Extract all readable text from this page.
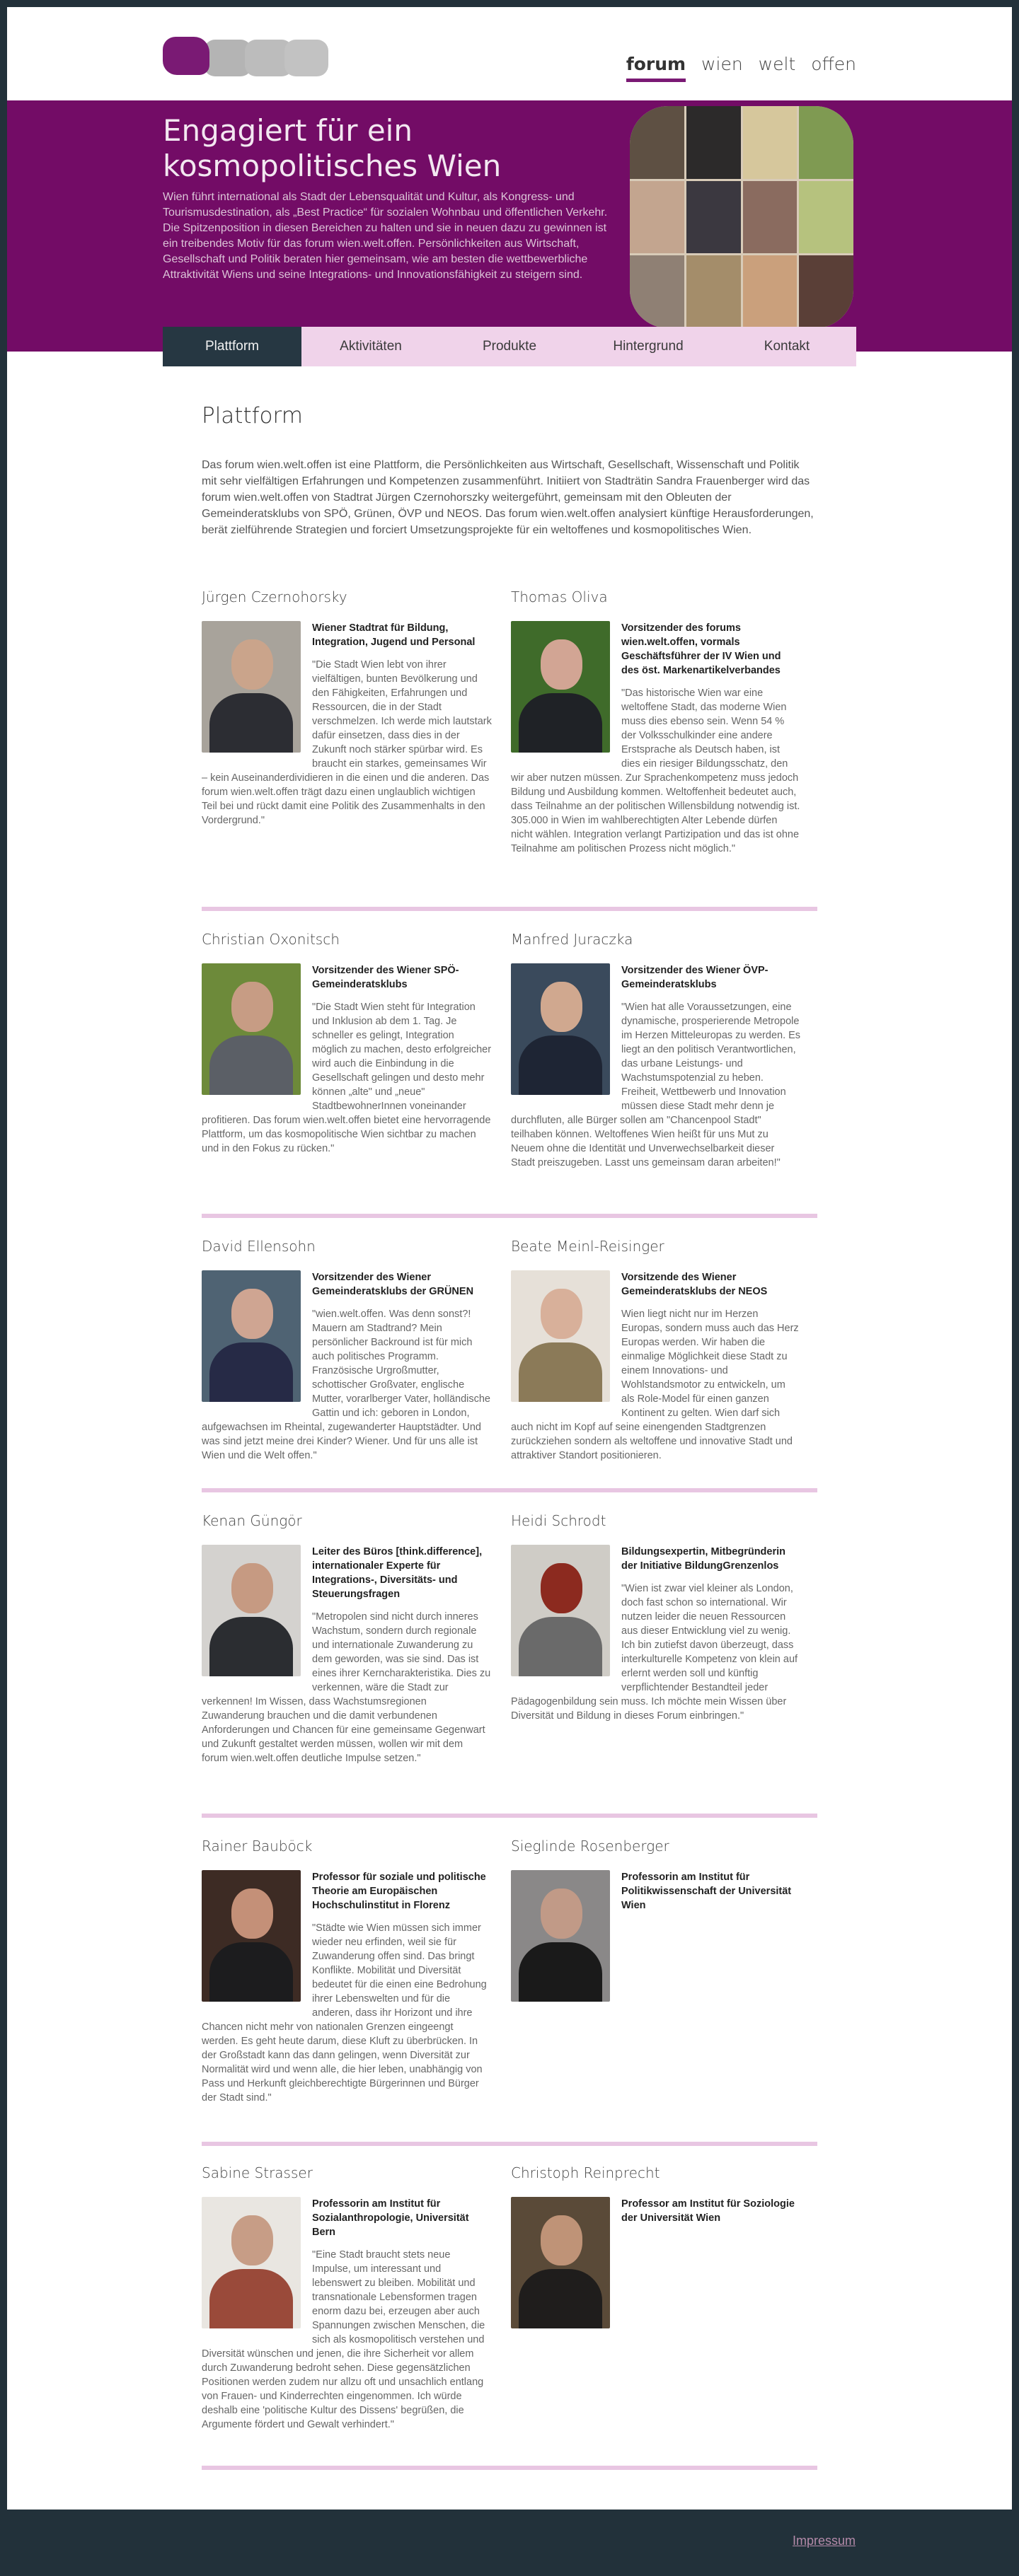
forum wien welt offen
Engagiert für ein kosmopolitisches Wien

Wien führt international als Stadt der Lebensqualität und Kultur, als Kongress- und Tourismusdestination, als „Best Practice“ für sozialen Wohnbau und öffentlichen Verkehr. Die Spitzenposition in diesen Bereichen zu halten und sie in neuen dazu zu gewinnen ist ein treibendes Motiv für das forum wien.welt.offen. Persönlichkeiten aus Wirtschaft, Gesellschaft und Politik beraten hier gemeinsam, wie am besten die wettbewerbliche Attraktivität Wiens und seine Integrations- und Innovationsfähigkeit zu steigern sind.

Plattform	Aktivitäten	Produkte	Hintergrund	Kontakt
Plattform

Das forum wien.welt.offen ist eine Plattform, die Persönlichkeiten aus Wirtschaft, Gesellschaft, Wissenschaft und Politik mit sehr vielfältigen Erfahrungen und Kompetenzen zusammenführt. Initiiert von Stadträtin Sandra Frauenberger wird das forum wien.welt.offen von Stadtrat Jürgen Czernohorszky weitergeführt, gemeinsam mit den Obleuten der Gemeinderatsklubs von SPÖ, Grünen, ÖVP und NEOS. Das forum wien.welt.offen analysiert künftige Herausforderungen, berät zielführende Strategien und forciert Umsetzungsprojekte für ein weltoffenes und kosmopolitisches Wien.

Jürgen Czernohorsky
Wiener Stadtrat für Bildung, Integration, Jugend und Personal
"Die Stadt Wien lebt von ihrer vielfältigen, bunten Bevölkerung und den Fähigkeiten, Erfahrungen und Ressourcen, die in der Stadt verschmelzen. Ich werde mich lautstark dafür einsetzen, dass dies in der Zukunft noch stärker spürbar wird. Es braucht ein starkes, gemeinsames Wir – kein Auseinanderdividieren in die einen und die anderen. Das forum wien.welt.offen trägt dazu einen unglaublich wichtigen Teil bei und rückt damit eine Politik des Zusammenhalts in den Vordergrund."
Thomas Oliva
Vorsitzender des forums wien.welt.offen, vormals Geschäftsführer der IV Wien und des öst. Markenartikelverbandes
"Das historische Wien war eine weltoffene Stadt, das moderne Wien muss dies ebenso sein. Wenn 54 % der Volksschulkinder eine andere Erstsprache als Deutsch haben, ist dies ein riesiger Bildungsschatz, den wir aber nutzen müssen. Zur Sprachenkompetenz muss jedoch Bildung und Ausbildung kommen. Weltoffenheit bedeutet auch, dass Teilnahme an der politischen Willensbildung notwendig ist. 305.000 in Wien im wahlberechtigten Alter Lebende dürfen nicht wählen. Integration verlangt Partizipation und das ist ohne Teilnahme am politischen Prozess nicht möglich."
Christian Oxonitsch
Vorsitzender des Wiener SPÖ-Gemeinderatsklubs
"Die Stadt Wien steht für Integration und Inklusion ab dem 1. Tag. Je schneller es gelingt, Integration möglich zu machen, desto erfolgreicher wird auch die Einbindung in die Gesellschaft gelingen und desto mehr können „alte" und „neue" StadtbewohnerInnen voneinander profitieren. Das forum wien.welt.offen bietet eine hervorragende Plattform, um das kosmopolitische Wien sichtbar zu machen und in den Fokus zu rücken."
Manfred Juraczka
Vorsitzender des Wiener ÖVP-Gemeinderatsklubs
"Wien hat alle Voraussetzungen, eine dynamische, prosperierende Metropole im Herzen Mitteleuropas zu werden. Es liegt an den politisch Verantwortlichen, das urbane Leistungs- und Wachstumspotenzial zu heben. Freiheit, Wettbewerb und Innovation müssen diese Stadt mehr denn je durchfluten, alle Bürger sollen am "Chancenpool Stadt" teilhaben können. Weltoffenes Wien heißt für uns Mut zu Neuem ohne die Identität und Unverwechselbarkeit dieser Stadt preiszugeben. Lasst uns gemeinsam daran arbeiten!"
David Ellensohn
Vorsitzender des Wiener Gemeinderatsklubs der GRÜNEN
"wien.welt.offen. Was denn sonst?! Mauern am Stadtrand? Mein persönlicher Backround ist für mich auch politisches Programm. Französische Urgroßmutter, schottischer Großvater, englische Mutter, vorarlberger Vater, holländische Gattin und ich: geboren in London, aufgewachsen im Rheintal, zugewanderter Hauptstädter. Und was sind jetzt meine drei Kinder? Wiener. Und für uns alle ist Wien und die Welt offen."
Beate Meinl-Reisinger
Vorsitzende des Wiener Gemeinderatsklubs der NEOS
Wien liegt nicht nur im Herzen Europas, sondern muss auch das Herz Europas werden. Wir haben die einmalige Möglichkeit diese Stadt zu einem Innovations- und Wohlstandsmotor zu entwickeln, um als Role-Model für einen ganzen Kontinent zu gelten. Wien darf sich auch nicht im Kopf auf seine einengenden Stadtgrenzen zurückziehen sondern als weltoffene und innovative Stadt und attraktiver Standort positionieren.
Kenan Güngör
Leiter des Büros [think.difference], internationaler Experte für Integrations-, Diversitäts- und Steuerungsfragen
"Metropolen sind nicht durch inneres Wachstum, sondern durch regionale und internationale Zuwanderung zu dem geworden, was sie sind. Das ist eines ihrer Kerncharakteristika. Dies zu verkennen, wäre die Stadt zur verkennen! Im Wissen, dass Wachstumsregionen Zuwanderung brauchen und die damit verbundenen Anforderungen und Chancen für eine gemeinsame Gegenwart und Zukunft gestaltet werden müssen, wollen wir mit dem forum wien.welt.offen deutliche Impulse setzen."
Heidi Schrodt
Bildungsexpertin, Mitbegründerin der Initiative BildungGrenzenlos
"Wien ist zwar viel kleiner als London, doch fast schon so international. Wir nutzen leider die neuen Ressourcen aus dieser Entwicklung viel zu wenig. Ich bin zutiefst davon überzeugt, dass interkulturelle Kompetenz von klein auf erlernt werden soll und künftig verpflichtender Bestandteil jeder Pädagogenbildung sein muss. Ich möchte mein Wissen über Diversität und Bildung in dieses Forum einbringen."
Rainer Bauböck
Professor für soziale und politische Theorie am Europäischen Hochschulinstitut in Florenz
"Städte wie Wien müssen sich immer wieder neu erfinden, weil sie für Zuwanderung offen sind. Das bringt Konflikte. Mobilität und Diversität bedeutet für die einen eine Bedrohung ihrer Lebenswelten und für die anderen, dass ihr Horizont und ihre Chancen nicht mehr von nationalen Grenzen eingeengt werden. Es geht heute darum, diese Kluft zu überbrücken. In der Großstadt kann das dann gelingen, wenn Diversität zur Normalität wird und wenn alle, die hier leben, unabhängig von Pass und Herkunft gleichberechtigte Bürgerinnen und Bürger der Stadt sind."
Sieglinde Rosenberger
Professorin am Institut für Politikwissenschaft der Universität Wien
Sabine Strasser
Professorin am Institut für Sozialanthropologie, Universität Bern
"Eine Stadt braucht stets neue Impulse, um interessant und lebenswert zu bleiben. Mobilität und transnationale Lebensformen tragen enorm dazu bei, erzeugen aber auch Spannungen zwischen Menschen, die sich als kosmopolitisch verstehen und Diversität wünschen und jenen, die ihre Sicherheit vor allem durch Zuwanderung bedroht sehen. Diese gegensätzlichen Positionen werden zudem nur allzu oft und unsachlich entlang von Frauen- und Kinderrechten eingenommen. Ich würde deshalb eine 'politische Kultur des Dissens' begrüßen, die Argumente fördert und Gewalt verhindert."
Christoph Reinprecht
Professor am Institut für Soziologie der Universität Wien
Impressum
